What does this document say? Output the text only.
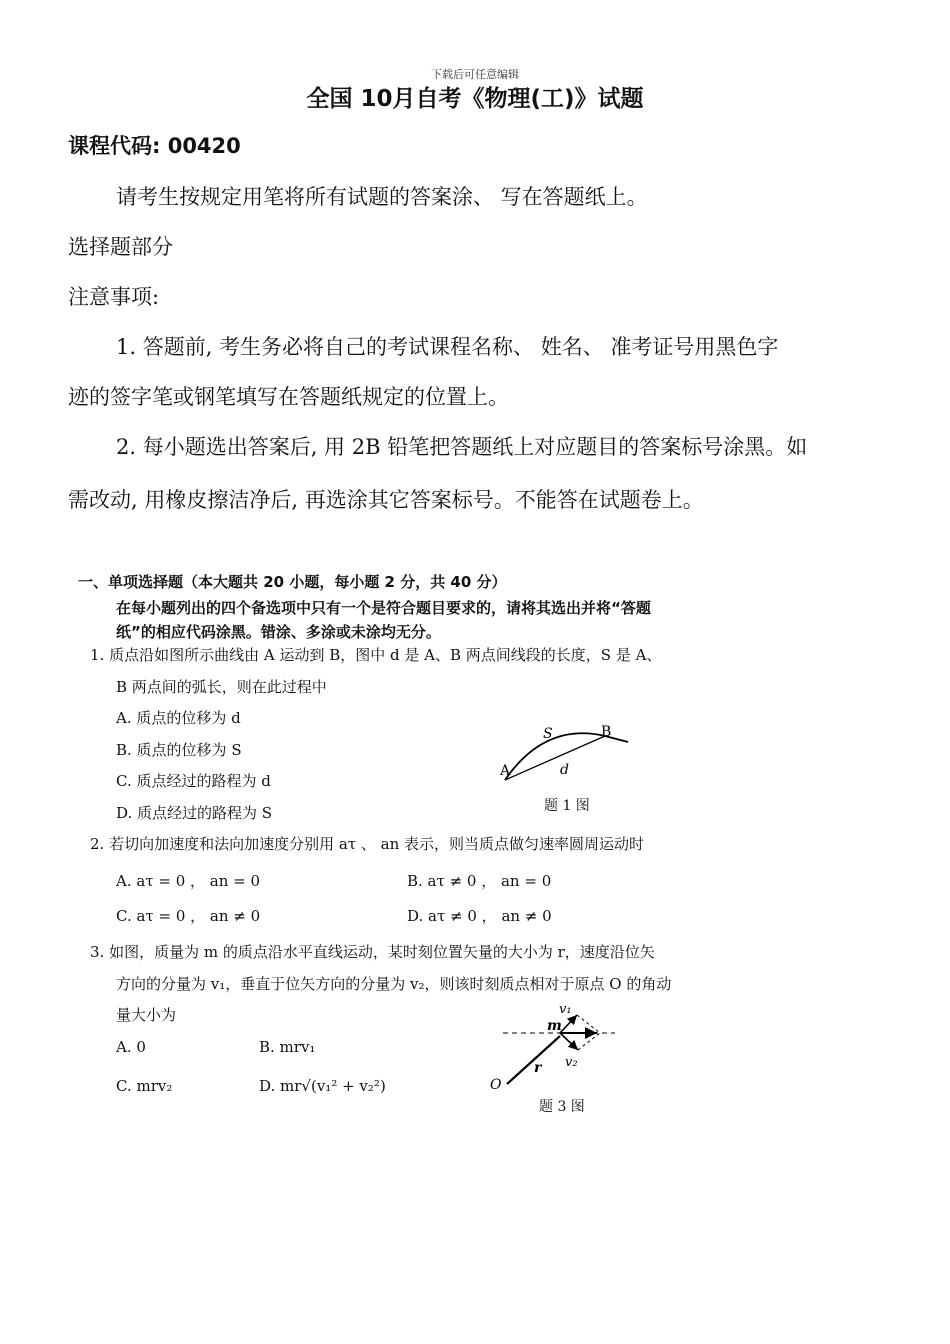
下载后可任意编辑
全国 10月自考《物理(工)》试题
课程代码: 00420
请考生按规定用笔将所有试题的答案涂、 写在答题纸上。
选择题部分
注意事项:
1. 答题前, 考生务必将自己的考试课程名称、 姓名、 准考证号用黑色字
迹的签字笔或钢笔填写在答题纸规定的位置上。
2. 每小题选出答案后, 用 2B 铅笔把答题纸上对应题目的答案标号涂黑。如
需改动, 用橡皮擦洁净后, 再选涂其它答案标号。不能答在试题卷上。
一、单项选择题（本大题共 20 小题，每小题 2 分，共 40 分）
在每小题列出的四个备选项中只有一个是符合题目要求的，请将其选出并将“答题
纸”的相应代码涂黑。错涂、多涂或未涂均无分。
1. 质点沿如图所示曲线由 A 运动到 B，图中 d 是 A、B 两点间线段的长度，S 是 A、
B 两点间的弧长，则在此过程中
A. 质点的位移为 d
B. 质点的位移为 S
C. 质点经过的路程为 d
D. 质点经过的路程为 S
S	B
A	d
题 1 图
2. 若切向加速度和法向加速度分别用 aτ 、 an 表示，则当质点做匀速率圆周运动时
A. aτ = 0 ， an = 0	B. aτ ≠ 0 ， an = 0
C. aτ = 0 ， an ≠ 0	D. aτ ≠ 0 ， an ≠ 0
3. 如图，质量为 m 的质点沿水平直线运动，某时刻位置矢量的大小为 r，速度沿位矢
方向的分量为 v₁，垂直于位矢方向的分量为 v₂，则该时刻质点相对于原点 O 的角动
量大小为
A. 0	B. mrv₁
C. mrv₂	D. mr√(v₁² + v₂²)
v₁
v₂
m
r
O
题 3 图
